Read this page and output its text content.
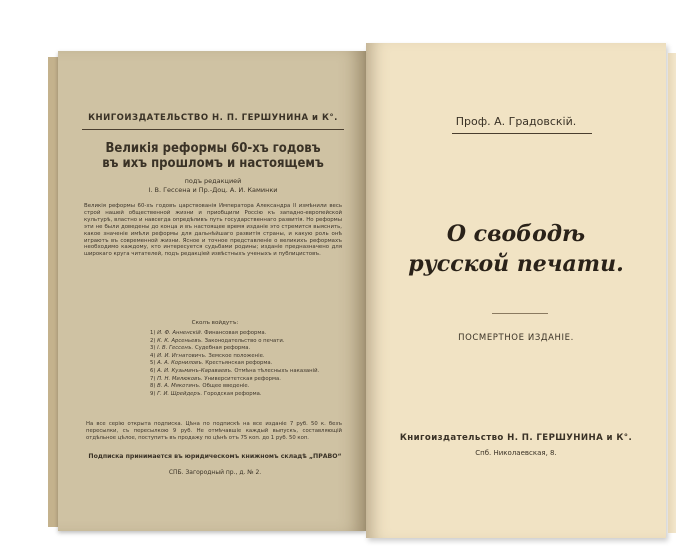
КНИГОИЗДАТЕЛЬСТВО Н. П. ГЕРШУНИНА и К°.
Великія реформы 60-хъ годовъ
въ ихъ прошломъ и настоящемъ
подъ редакцией
І. В. Гессена и Пр.-Доц. А. И. Каминки
Великія реформы 60-хъ годовъ царствованія Императора Александра II измѣнили весь строй нашей общественной жизни и приобщили Россію къ западно-европейской культурѣ, властно и навсегда опредѣливъ путь государственнаго развитія. Но реформы эти не были доведены до конца и въ настоящее время изданіе это стремится выяснить, какое значеніе имѣли реформы для дальнѣйшаго развитія страны, и какую роль онѣ играютъ въ современной жизни. Ясное и точное представленіе о великихъ реформахъ необходимо каждому, кто интересуется судьбами родины; изданіе предназначено для широкаго круга читателей, подъ редакціей извѣстныхъ ученыхъ и публицистовъ.
Сколъ войдутъ:
1) И. Ф. Анненскій. Финансовая реформа.
2) К. К. Арсеньевъ. Законодательство о печати.
3) І. В. Гессенъ. Судебная реформа.
4) И. И. Игнатовичъ. Земское положеніе.
5) А. А. Корниловъ. Крестьянская реформа.
6) А. И. Кузьминъ-Караваевъ. Отмѣна тѣлесныхъ наказаній.
7) П. Н. Милюковъ. Университетская реформа.
8) В. А. Мякотинъ. Общее введеніе.
9) Г. И. Шрейдеръ. Городская реформа.
На все серію открыта подписка. Цѣна по подпискѣ на все изданіе 7 руб. 50 к. безъ пересылки, съ пересылкою 9 руб. Не отмѣчавшіе каждый выпускъ, составляющій отдѣльное цѣлое, поступитъ въ продажу по цѣнѣ отъ 75 коп. до 1 руб. 50 коп.
Подписка принимается въ юридическомъ книжномъ складѣ „ПРАВО“
СПБ. Загородный пр., д. № 2.
Проф. А. Градовскій.
О свободѣ
русской печати.
ПОСМЕРТНОЕ ИЗДАНІЕ.
Книгоиздательство Н. П. ГЕРШУНИНА и К°.
Спб. Николаевская, 8.
